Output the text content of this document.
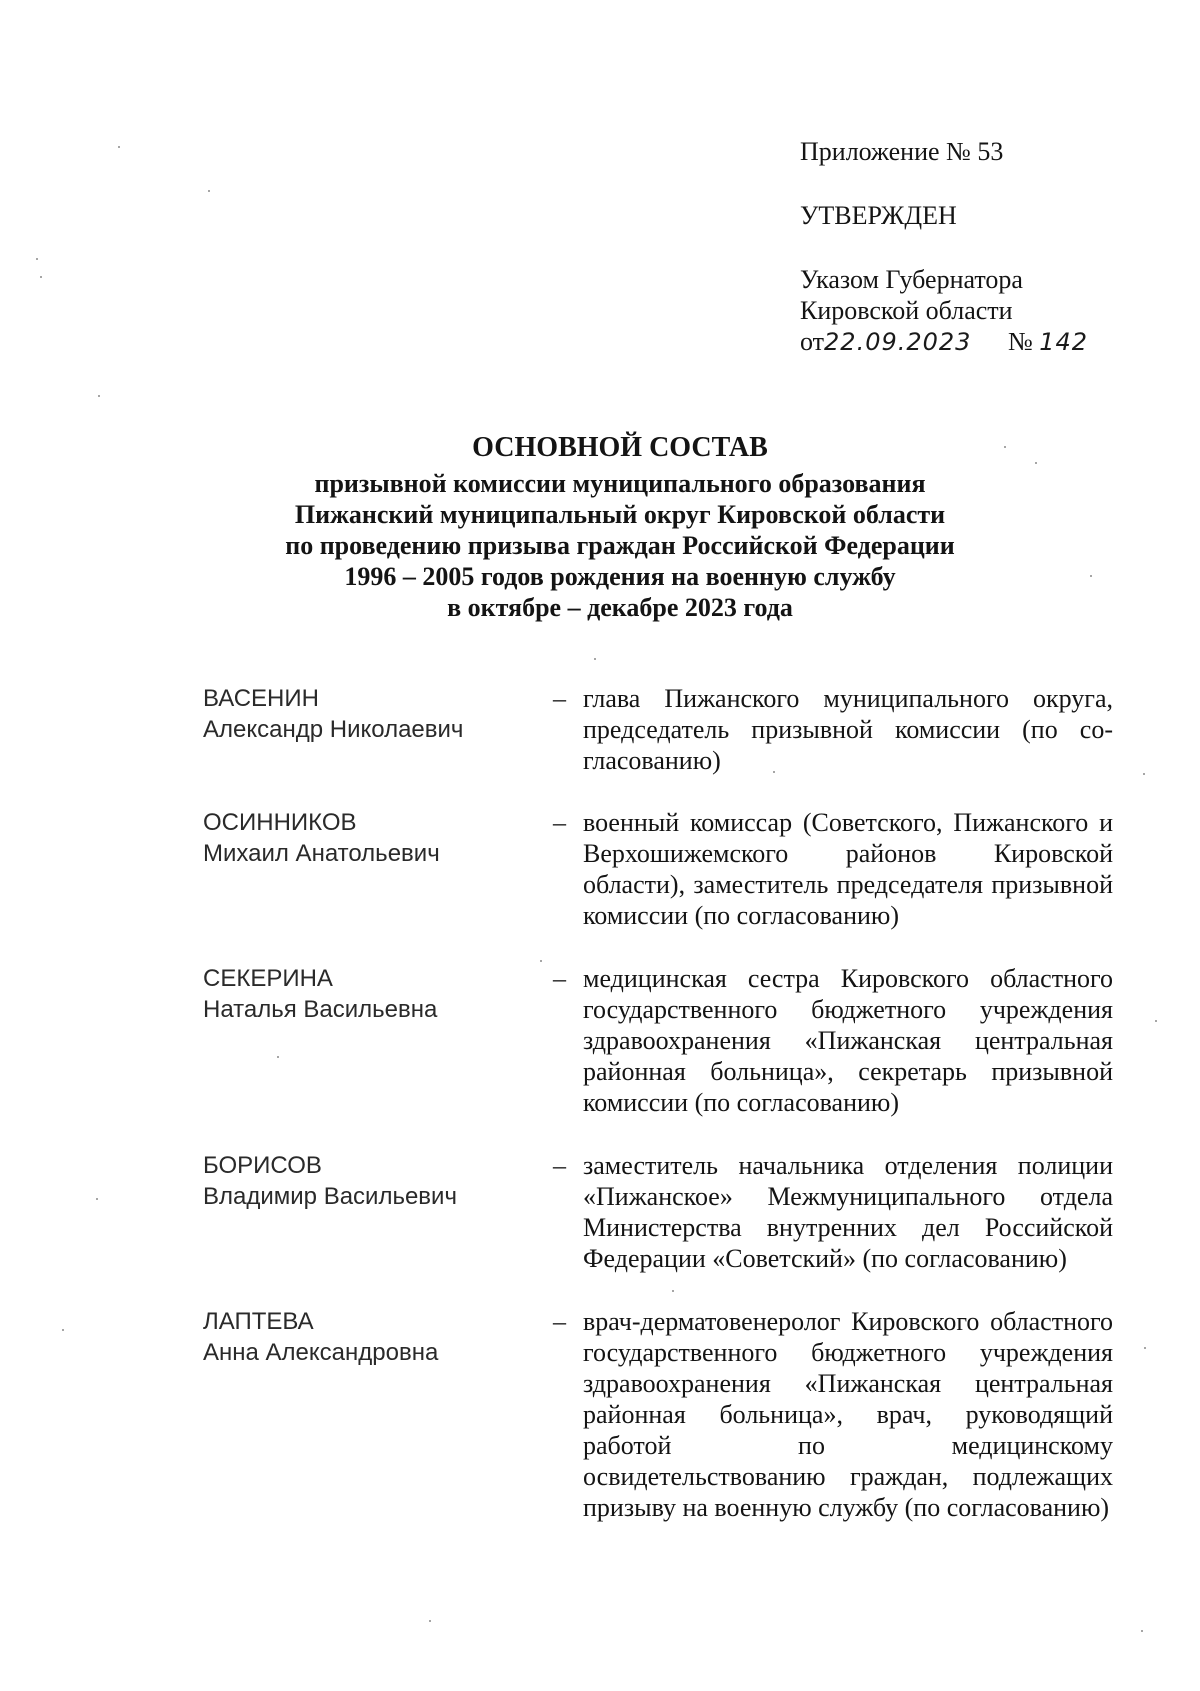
Приложение № 53

УТВЕРЖДЕН

Указом Губернатора

Кировской области

от22.09.2023 № 142

ОСНОВНОЙ СОСТАВ

призывной комиссии муниципального образования

Пижанский муниципальный округ Кировской области

по проведению призыва граждан Российской Федерации

1996 – 2005 годов рождения на военную службу

в октябре – декабре 2023 года

ВАСЕНИН
Александр Николаевич
– глава Пижанского муниципального округа, председатель призывной комиссии (по согласованию)
ОСИННИКОВ
Михаил Анатольевич
– военный комиссар (Советского, Пижанского и Верхошижемского районов Кировской области), заместитель председателя призывной комиссии (по согласованию)
СЕКЕРИНА
Наталья Васильевна
– медицинская сестра Кировского областного государственного бюджетного учреждения здравоохранения «Пижанская центральная районная больница», секретарь призывной комиссии (по согласованию)
БОРИСОВ
Владимир Васильевич
– заместитель начальника отделения полиции «Пижанское» Межмуниципального отдела Министерства внутренних дел Российской Федерации «Советский» (по согласованию)
ЛАПТЕВА
Анна Александровна
– врач-дерматовенеролог Кировского областного государственного бюджетного учреждения здравоохранения «Пижанская центральная районная больница», врач, руководящий работой по медицинскому освидетельствованию граждан, подлежащих призыву на военную службу (по согласованию)
